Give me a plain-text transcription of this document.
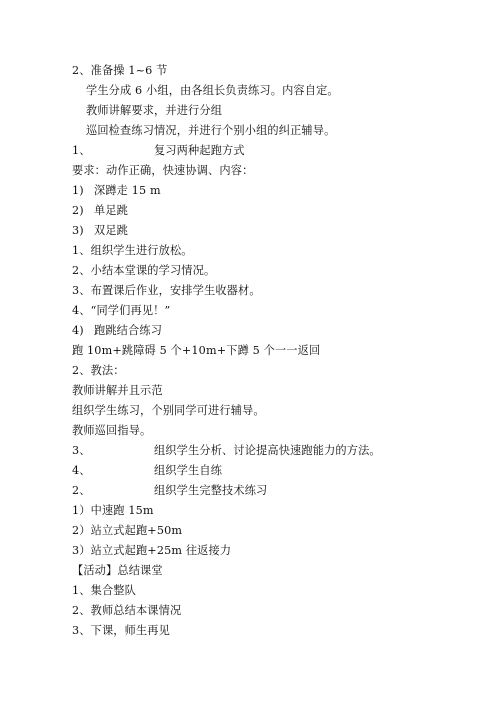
2、准备操 1~6 节
学生分成 6 小组，由各组长负责练习。内容自定。
教师讲解要求，并进行分组
巡回检查练习情况，并进行个别小组的纠正辅导。
1、	复习两种起跑方式
要求：动作正确，快速协调、内容：
1) 深蹲走 15 m
2) 单足跳
3) 双足跳
1、组织学生进行放松。
2、小结本堂课的学习情况。
3、布置课后作业，安排学生收器材。
4、“同学们再见！”
4) 跑跳结合练习
跑 10m+跳障碍 5 个+10m+下蹲 5 个一一返回
2、教法：
教师讲解并且示范
组织学生练习，个别同学可进行辅导。
教师巡回指导。
3、	组织学生分析、讨论提高快速跑能力的方法。
4、	组织学生自练
2、	组织学生完整技术练习
1）中速跑 15m
2）站立式起跑+50m
3）站立式起跑+25m 往返接力
【活动】总结课堂
1、集合整队
2、教师总结本课情况
3、下课，师生再见
